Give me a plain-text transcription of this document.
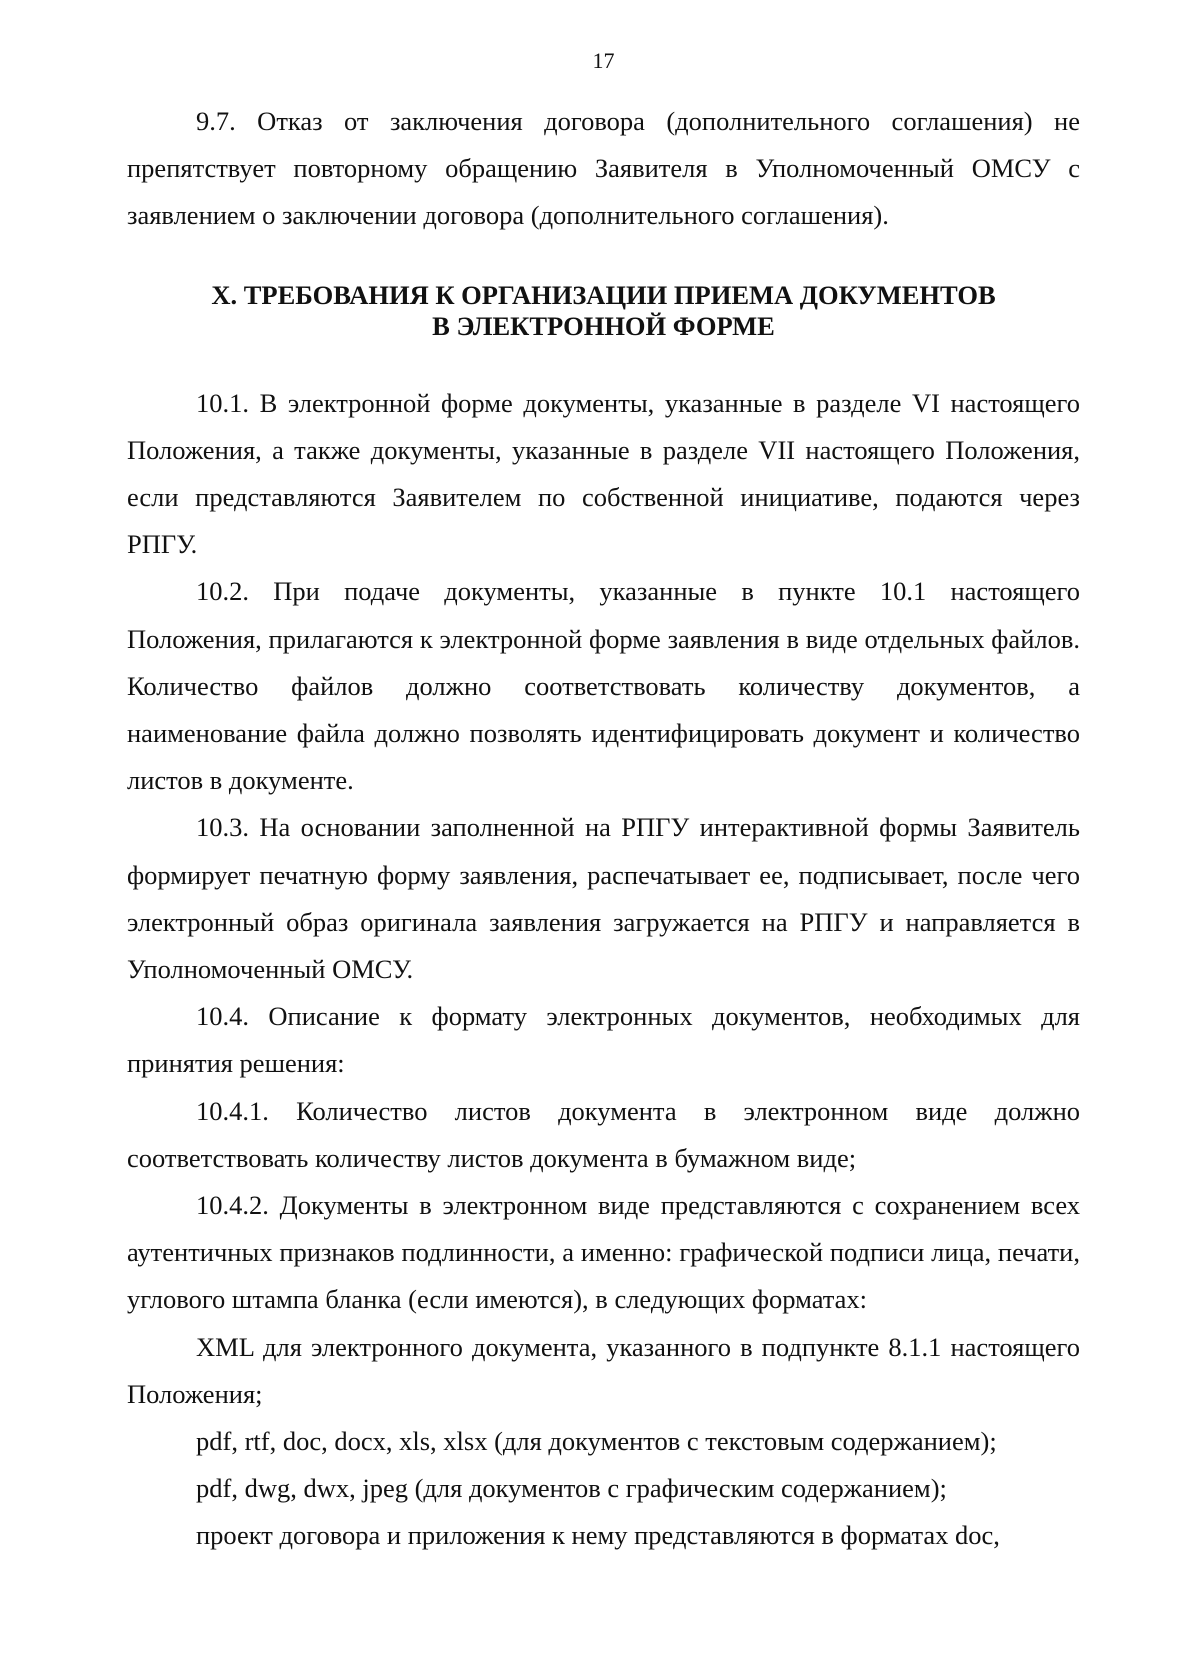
17

9.7. Отказ от заключения договора (дополнительного соглашения) не препятствует повторному обращению Заявителя в Уполномоченный ОМСУ с заявлением о заключении договора (дополнительного соглашения).

X. ТРЕБОВАНИЯ К ОРГАНИЗАЦИИ ПРИЕМА ДОКУМЕНТОВ
В ЭЛЕКТРОННОЙ ФОРМЕ

10.1. В электронной форме документы, указанные в разделе VI настоящего Положения, а также документы, указанные в разделе VII настоящего Положения, если представляются Заявителем по собственной инициативе, подаются через РПГУ.

10.2. При подаче документы, указанные в пункте 10.1 настоящего Положения, прилагаются к электронной форме заявления в виде отдельных файлов. Количество файлов должно соответствовать количеству документов, а наименование файла должно позволять идентифицировать документ и количество листов в документе.

10.3. На основании заполненной на РПГУ интерактивной формы Заявитель формирует печатную форму заявления, распечатывает ее, подписывает, после чего электронный образ оригинала заявления загружается на РПГУ и направляется в Уполномоченный ОМСУ.

10.4. Описание к формату электронных документов, необходимых для принятия решения:

10.4.1. Количество листов документа в электронном виде должно соответствовать количеству листов документа в бумажном виде;

10.4.2. Документы в электронном виде представляются с сохранением всех аутентичных признаков подлинности, а именно: графической подписи лица, печати, углового штампа бланка (если имеются), в следующих форматах:

XML для электронного документа, указанного в подпункте 8.1.1 настоящего Положения;

pdf, rtf, doc, docx, xls, xlsx (для документов с текстовым содержанием);

pdf, dwg, dwx, jpeg (для документов с графическим содержанием);

проект договора и приложения к нему представляются в форматах doc,
